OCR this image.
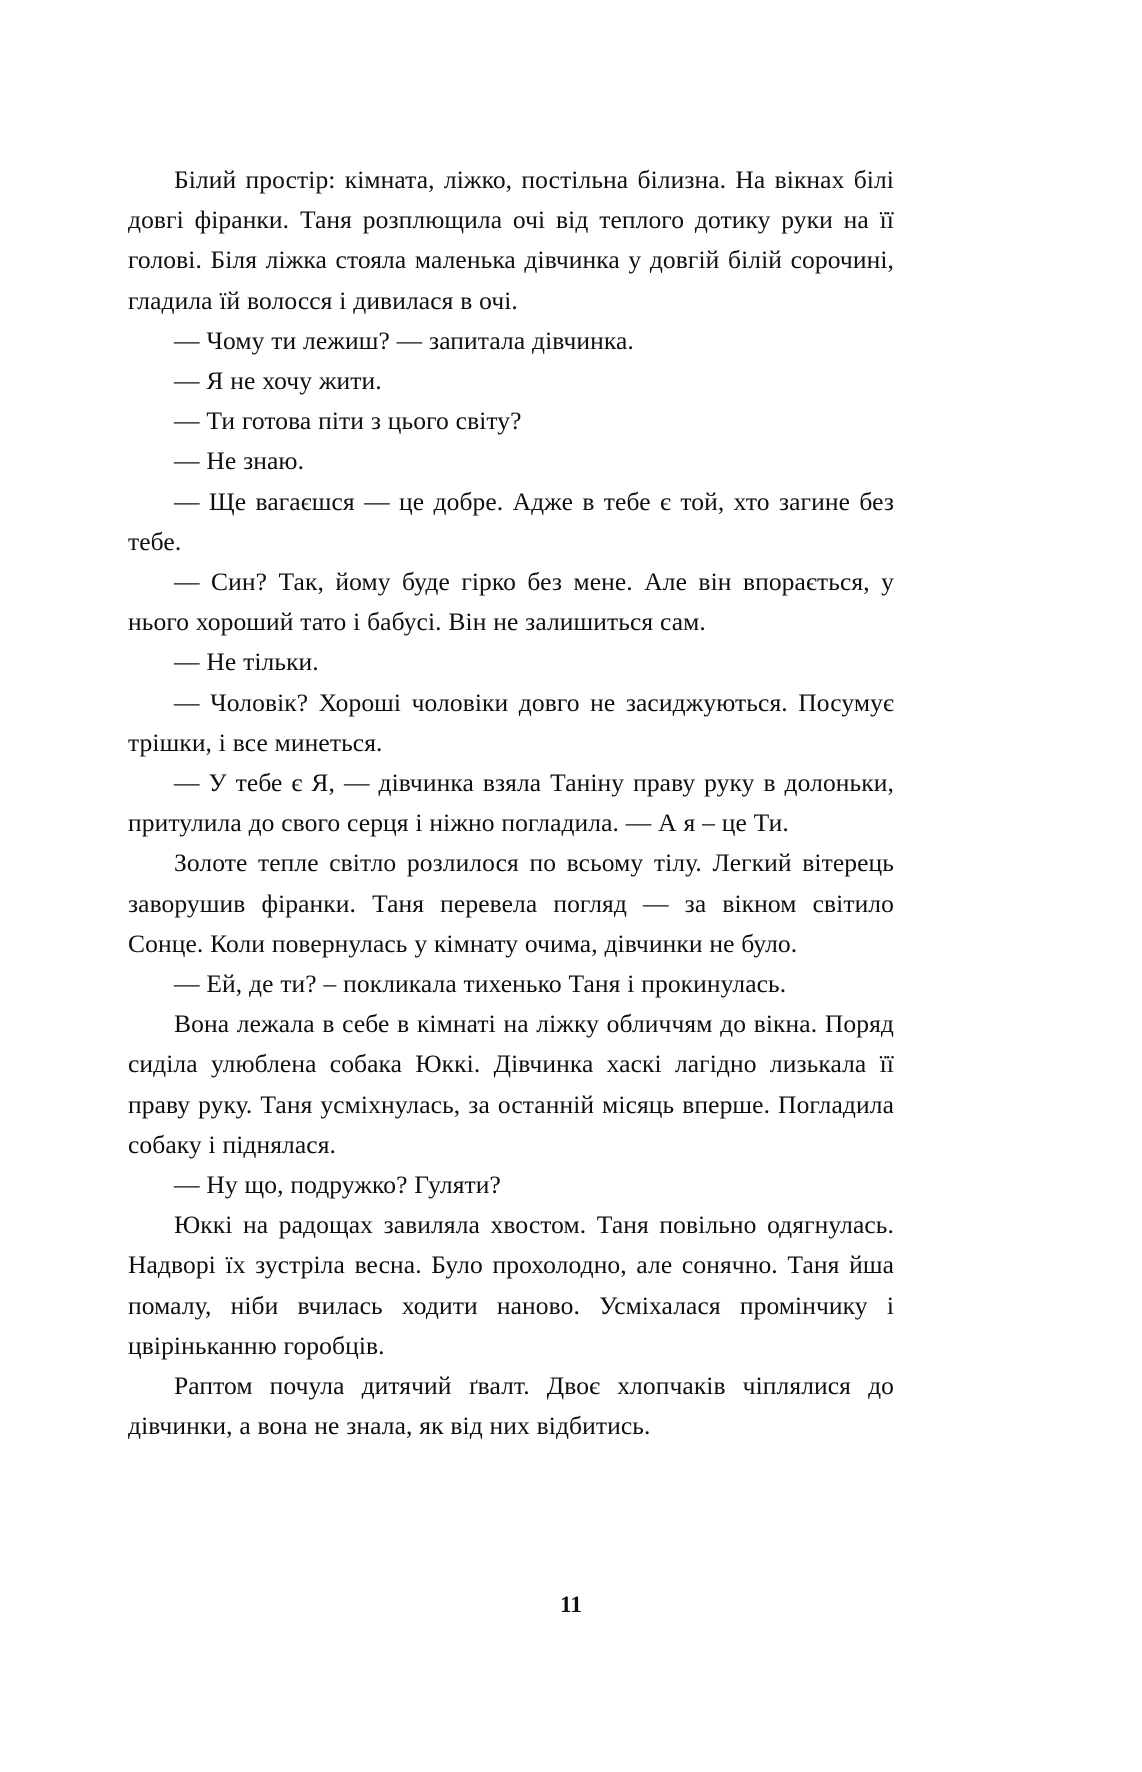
Білий простір: кімната, ліжко, постільна білизна. На вікнах білі довгі фіранки. Таня розплющила очі від теплого дотику руки на її голові. Біля ліжка стояла маленька дівчинка у довгій білій сорочині, гладила їй волосся і дивилася в очі.

— Чому ти лежиш? — запитала дівчинка.

— Я не хочу жити.

— Ти готова піти з цього світу?

— Не знаю.

— Ще вагаєшся — це добре. Адже в тебе є той, хто загине без тебе.

— Син? Так, йому буде гірко без мене. Але він впорається, у нього хороший тато і бабусі. Він не залишиться сам.

— Не тільки.

— Чоловік? Хороші чоловіки довго не засиджуються. Посумує трішки, і все минеться.

— У тебе є Я, — дівчинка взяла Таніну праву руку в долоньки, притулила до свого серця і ніжно погладила. — А я – це Ти.

Золоте тепле світло розлилося по всьому тілу. Легкий вітерець заворушив фіранки. Таня перевела погляд — за вікном світило Сонце. Коли повернулась у кімнату очима, дівчинки не було.

— Ей, де ти? – покликала тихенько Таня і прокинулась.

Вона лежала в себе в кімнаті на ліжку обличчям до вікна. Поряд сиділа улюблена собака Юккі. Дівчинка хаскі лагідно лизькала її праву руку. Таня усміхнулась, за останній місяць вперше. Погладила собаку і піднялася.

— Ну що, подружко? Гуляти?

Юккі на радощах завиляла хвостом. Таня повільно одягнулась. Надворі їх зустріла весна. Було прохолодно, але сонячно. Таня йша помалу, ніби вчилась ходити наново. Усміхалася промінчику і цвіріньканню горобців.

Раптом почула дитячий ґвалт. Двоє хлопчаків чіплялися до дівчинки, а вона не знала, як від них відбитись.

11
